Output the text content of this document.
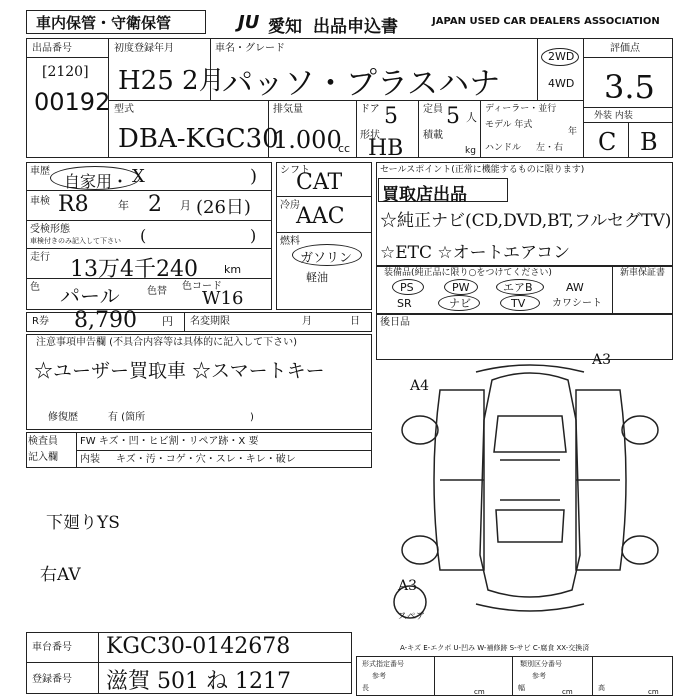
車内保管・守衛保管	JU 愛知 出品申込書	JAPAN USED CAR DEALERS ASSOCIATION
出品番号
[2120]
00192
初度登録年月
H25 2月
車名・グレード
パッソ・プラスハナ
2WD
4WD
評価点
3.5
外装 内装
C B
型式
DBA-KGC30
排気量
1.000
cc
ドア 5	定員 5 人
形状
HB
積載
kg
ディーラー・並行
モデル 年式
年
ハンドル 左・右
車歴
自家用・ X	)
車検 R8	年 2 月 (26日)
受検形態
車検付きのみ記入して下さい (	)
走行 13万4千240 km
色 パール	色替 色コード
W16
シフト
CAT
冷房
AAC
燃料
ガソリン
軽油
セールスポイント(正常に機能するものに限ります)
買取店出品
☆純正ナビ(CD,DVD,BT,フルセグTV)
☆ETC ☆オートエアコン
装備品(純正品に限り○をつけてください)	新車保証書
PS	PW	エアB	AW
SR	ナビ	TV	カワシート
R券 8,790 円 名変期限	月	日 後日品
注意事項申告欄 (不具合内容等は具体的に記入して下さい)
☆ユーザー買取車 ☆スマートキー
修復歴	有 (箇所	)
検査員
記入欄
FW キズ・凹・ヒビ割・リペア跡・X 要
内装 キズ・汚・コゲ・穴・スレ・キレ・破レ
下廻りYS
右AV
A3
A4
A3
スペア
A-キズ E-エクボ U-凹み W-補修跡 S-サビ C-腐食 XX-交換済
形式指定番号	類別区分番号
参考	参考
長	cm	幅	cm	高	cm
車台番号 KGC30-0142678
登録番号 滋賀 501 ね 1217
